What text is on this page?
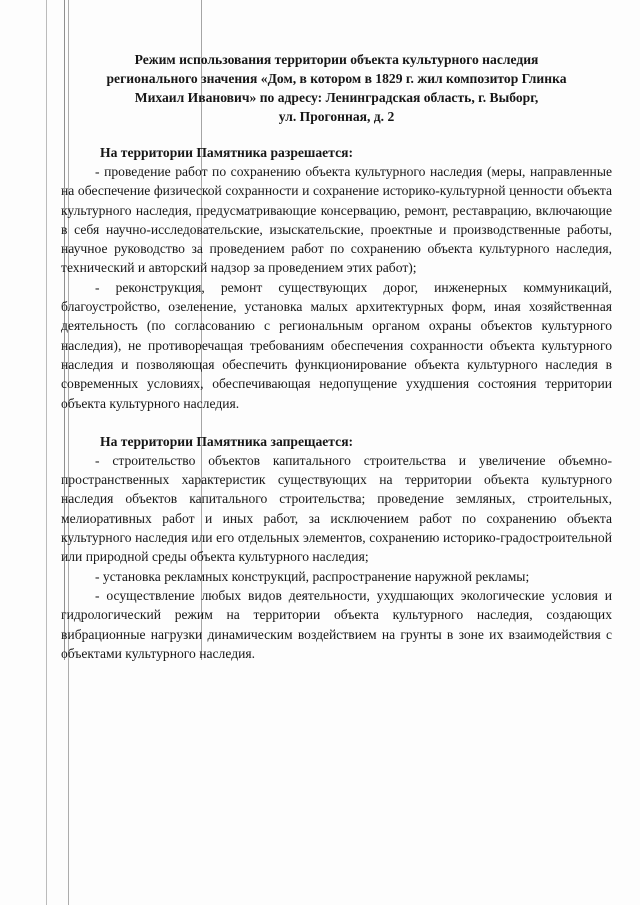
Режим использования территории объекта культурного наследия
регионального значения «Дом, в котором в 1829 г. жил композитор Глинка
Михаил Иванович» по адресу: Ленинградская область, г. Выборг,
ул. Прогонная, д. 2

На территории Памятника разрешается:

- проведение работ по сохранению объекта культурного наследия (меры, направленные на обеспечение физической сохранности и сохранение историко-культурной ценности объекта культурного наследия, предусматривающие консервацию, ремонт, реставрацию, включающие в себя научно-исследовательские, изыскательские, проектные и производственные работы, научное руководство за проведением работ по сохранению объекта культурного наследия, технический и авторский надзор за проведением этих работ);

- реконструкция, ремонт существующих дорог, инженерных коммуникаций, благоустройство, озеленение, установка малых архитектурных форм, иная хозяйственная деятельность (по согласованию с региональным органом охраны объектов культурного наследия), не противоречащая требованиям обеспечения сохранности объекта культурного наследия и позволяющая обеспечить функционирование объекта культурного наследия в современных условиях, обеспечивающая недопущение ухудшения состояния территории объекта культурного наследия.

На территории Памятника запрещается:

- строительство объектов капитального строительства и увеличение объемно-пространственных характеристик существующих на территории объекта культурного наследия объектов капитального строительства; проведение земляных, строительных, мелиоративных работ и иных работ, за исключением работ по сохранению объекта культурного наследия или его отдельных элементов, сохранению историко-градостроительной или природной среды объекта культурного наследия;

- установка рекламных конструкций, распространение наружной рекламы;

- осуществление любых видов деятельности, ухудшающих экологические условия и гидрологический режим на территории объекта культурного наследия, создающих вибрационные нагрузки динамическим воздействием на грунты в зоне их взаимодействия с объектами культурного наследия.
